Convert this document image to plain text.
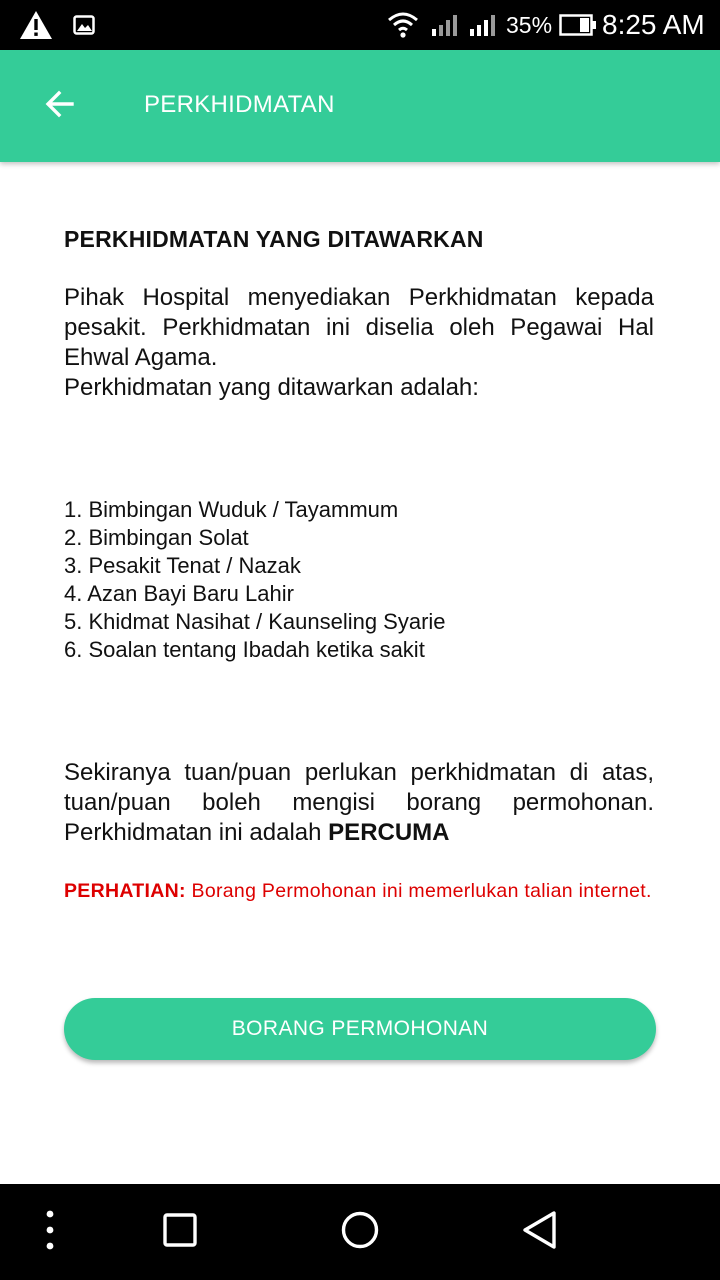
35% 8:25 AM
PERKHIDMATAN
PERKHIDMATAN YANG DITAWARKAN

Pihak Hospital menyediakan Perkhidmatan kepada pesakit. Perkhidmatan ini diselia oleh Pegawai Hal Ehwal Agama.
Perkhidmatan yang ditawarkan adalah:

1. Bimbingan Wuduk / Tayammum
2. Bimbingan Solat
3. Pesakit Tenat / Nazak
4. Azan Bayi Baru Lahir
5. Khidmat Nasihat / Kaunseling Syarie
6. Soalan tentang Ibadah ketika sakit

Sekiranya tuan/puan perlukan perkhidmatan di atas, tuan/puan boleh mengisi borang permohonan. Perkhidmatan ini adalah PERCUMA

PERHATIAN: Borang Permohonan ini memerlukan talian internet.

BORANG PERMOHONAN
